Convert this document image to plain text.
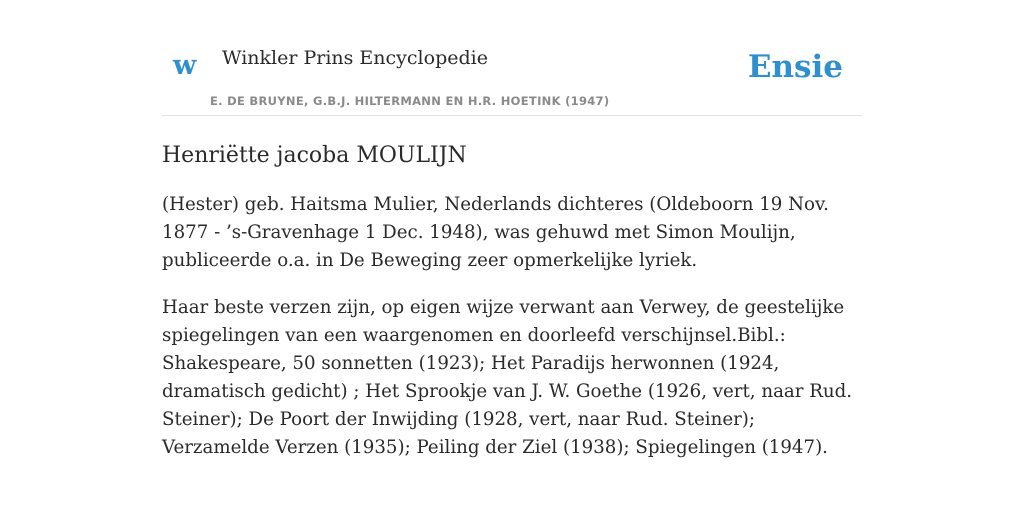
w Winkler Prins Encyclopedie	Ensie
E. DE BRUYNE, G.B.J. HILTERMANN EN H.R. HOETINK (1947)
Henriëtte jacoba MOULIJN

(Hester) geb. Haitsma Mulier, Nederlands dichteres (Oldeboorn 19 Nov. 1877 - ’s-Gravenhage 1 Dec. 1948), was gehuwd met Simon Moulijn, publiceerde o.a. in De Beweging zeer opmerkelijke lyriek.

Haar beste verzen zijn, op eigen wijze verwant aan Verwey, de geestelijke spiegelingen van een waargenomen en doorleefd verschijnsel.Bibl.: Shakespeare, 50 sonnetten (1923); Het Paradijs herwonnen (1924, dramatisch gedicht) ; Het Sprookje van J. W. Goethe (1926, vert, naar Rud. Steiner); De Poort der Inwijding (1928, vert, naar Rud. Steiner); Verzamelde Verzen (1935); Peiling der Ziel (1938); Spiegelingen (1947).
